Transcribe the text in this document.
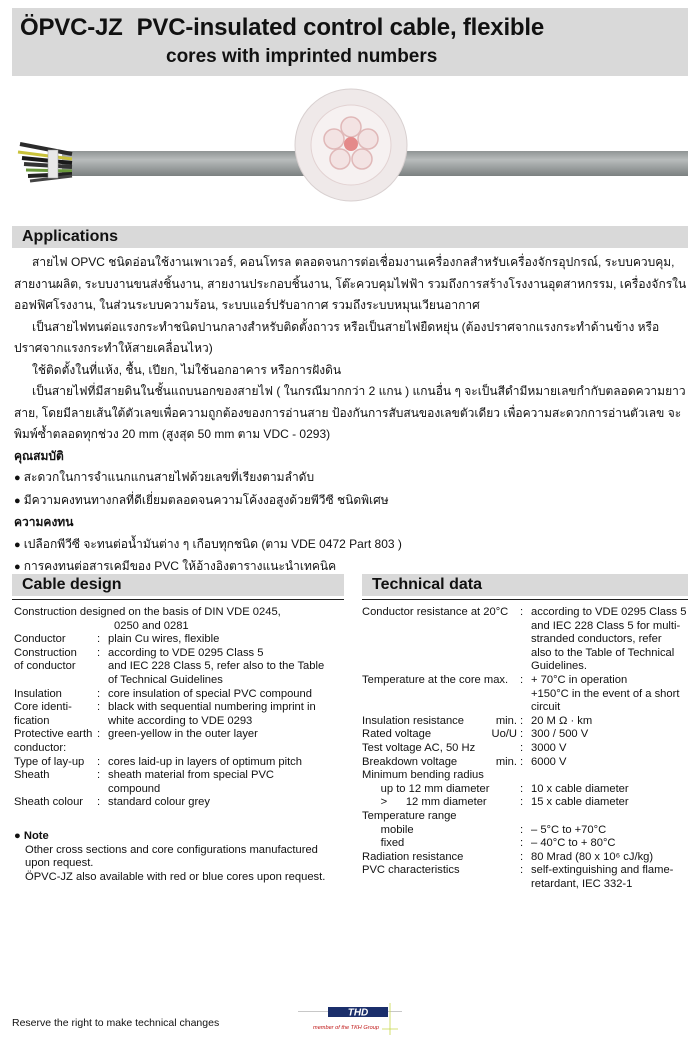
ÖPVC-JZ PVC-insulated control cable, flexible
cores with imprinted numbers
Applications

สายไฟ OPVC ชนิดอ่อนใช้งานเพาเวอร์, คอนโทรล ตลอดจนการต่อเชื่อมงานเครื่องกลสำหรับเครื่องจักรอุปกรณ์, ระบบควบคุม, สายงานผลิต, ระบบงานขนส่งชิ้นงาน, สายงานประกอบชิ้นงาน, โต๊ะควบคุมไฟฟ้า รวมถึงการสร้างโรงงานอุตสาหกรรม, เครื่องจักรในออฟฟิศโรงงาน, ในส่วนระบบความร้อน, ระบบแอร์ปรับอากาศ รวมถึงระบบหมุนเวียนอากาศ

เป็นสายไฟทนต่อแรงกระทำชนิดปานกลางสำหรับติดตั้งถาวร หรือเป็นสายไฟยืดหยุ่น (ต้องปราศจากแรงกระทำด้านข้าง หรือปราศจากแรงกระทำให้สายเคลื่อนไหว)

ใช้ติดตั้งในที่แห้ง, ชื้น, เปียก, ไม่ใช้นอกอาคาร หรือการฝังดิน

เป็นสายไฟที่มีสายดินในชั้นแถบนอกของสายไฟ ( ในกรณีมากกว่า 2 แกน ) แกนอื่น ๆ จะเป็นสีดำมีหมายเลขกำกับตลอดความยาวสาย, โดยมีลายเส้นใต้ตัวเลขเพื่อความถูกต้องของการอ่านสาย ป้องกันการสับสนของเลขตัวเดียว เพื่อความสะดวกการอ่านตัวเลข จะพิมพ์ซ้ำตลอดทุกช่วง 20 mm (สูงสุด 50 mm ตาม VDC - 0293)

คุณสมบัติ

● สะดวกในการจำแนกแกนสายไฟด้วยเลขที่เรียงตามลำดับ

● มีความคงทนทางกลที่ดีเยี่ยมตลอดจนความโค้งงอสูงด้วยพีวีซี ชนิดพิเศษ

ความคงทน

● เปลือกพีวีซี จะทนต่อน้ำมันต่าง ๆ เกือบทุกชนิด (ตาม VDE 0472 Part 803 )

● การคงทนต่อสารเคมีของ PVC ให้อ้างอิงตารางแนะนำเทคนิค

Cable design
Construction designed on the basis of DIN VDE 0245,
0250 and 0281
Conductor	: plain Cu wires, flexible
Construction	: according to VDE 0295 Class 5
of conductor	and IEC 228 Class 5, refer also to the Table
of Technical Guidelines
Insulation	: core insulation of special PVC compound
Core identi-	: black with sequential numbering imprint in
fication	white according to VDE 0293
Protective earth : green-yellow in the outer layer
conductor:
Type of lay-up	: cores laid-up in layers of optimum pitch
Sheath	: sheath material from special PVC
compound
Sheath colour	: standard colour grey
● Note
Other cross sections and core configurations manufactured
upon request.
ÖPVC-JZ also available with red or blue cores upon request.
Technical data
Conductor resistance at 20°C : according to VDE 0295 Class 5
and IEC 228 Class 5 for multi-
stranded conductors, refer
also to the Table of Technical
Guidelines.
Temperature at the core max. : + 70°C in operation
+150°C in the event of a short
circuit
Insulation resistance	min. : 20 M Ω · km
Rated voltage	Uo/U : 300 / 500 V
Test voltage AC, 50 Hz	: 3000 V
Breakdown voltage	min. : 6000 V
Minimum bending radius
up to 12 mm diameter	: 10 x cable diameter
>      12 mm diameter	: 15 x cable diameter
Temperature range
mobile	: – 5°C to +70°C
fixed	: – 40°C to + 80°C
Radiation resistance	: 80 Mrad (80 x 10⁶ cJ/kg)
PVC characteristics	: self-extinguishing and flame-
retardant, IEC 332-1
Reserve the right to make technical changes
THD
member of the TKH Group
